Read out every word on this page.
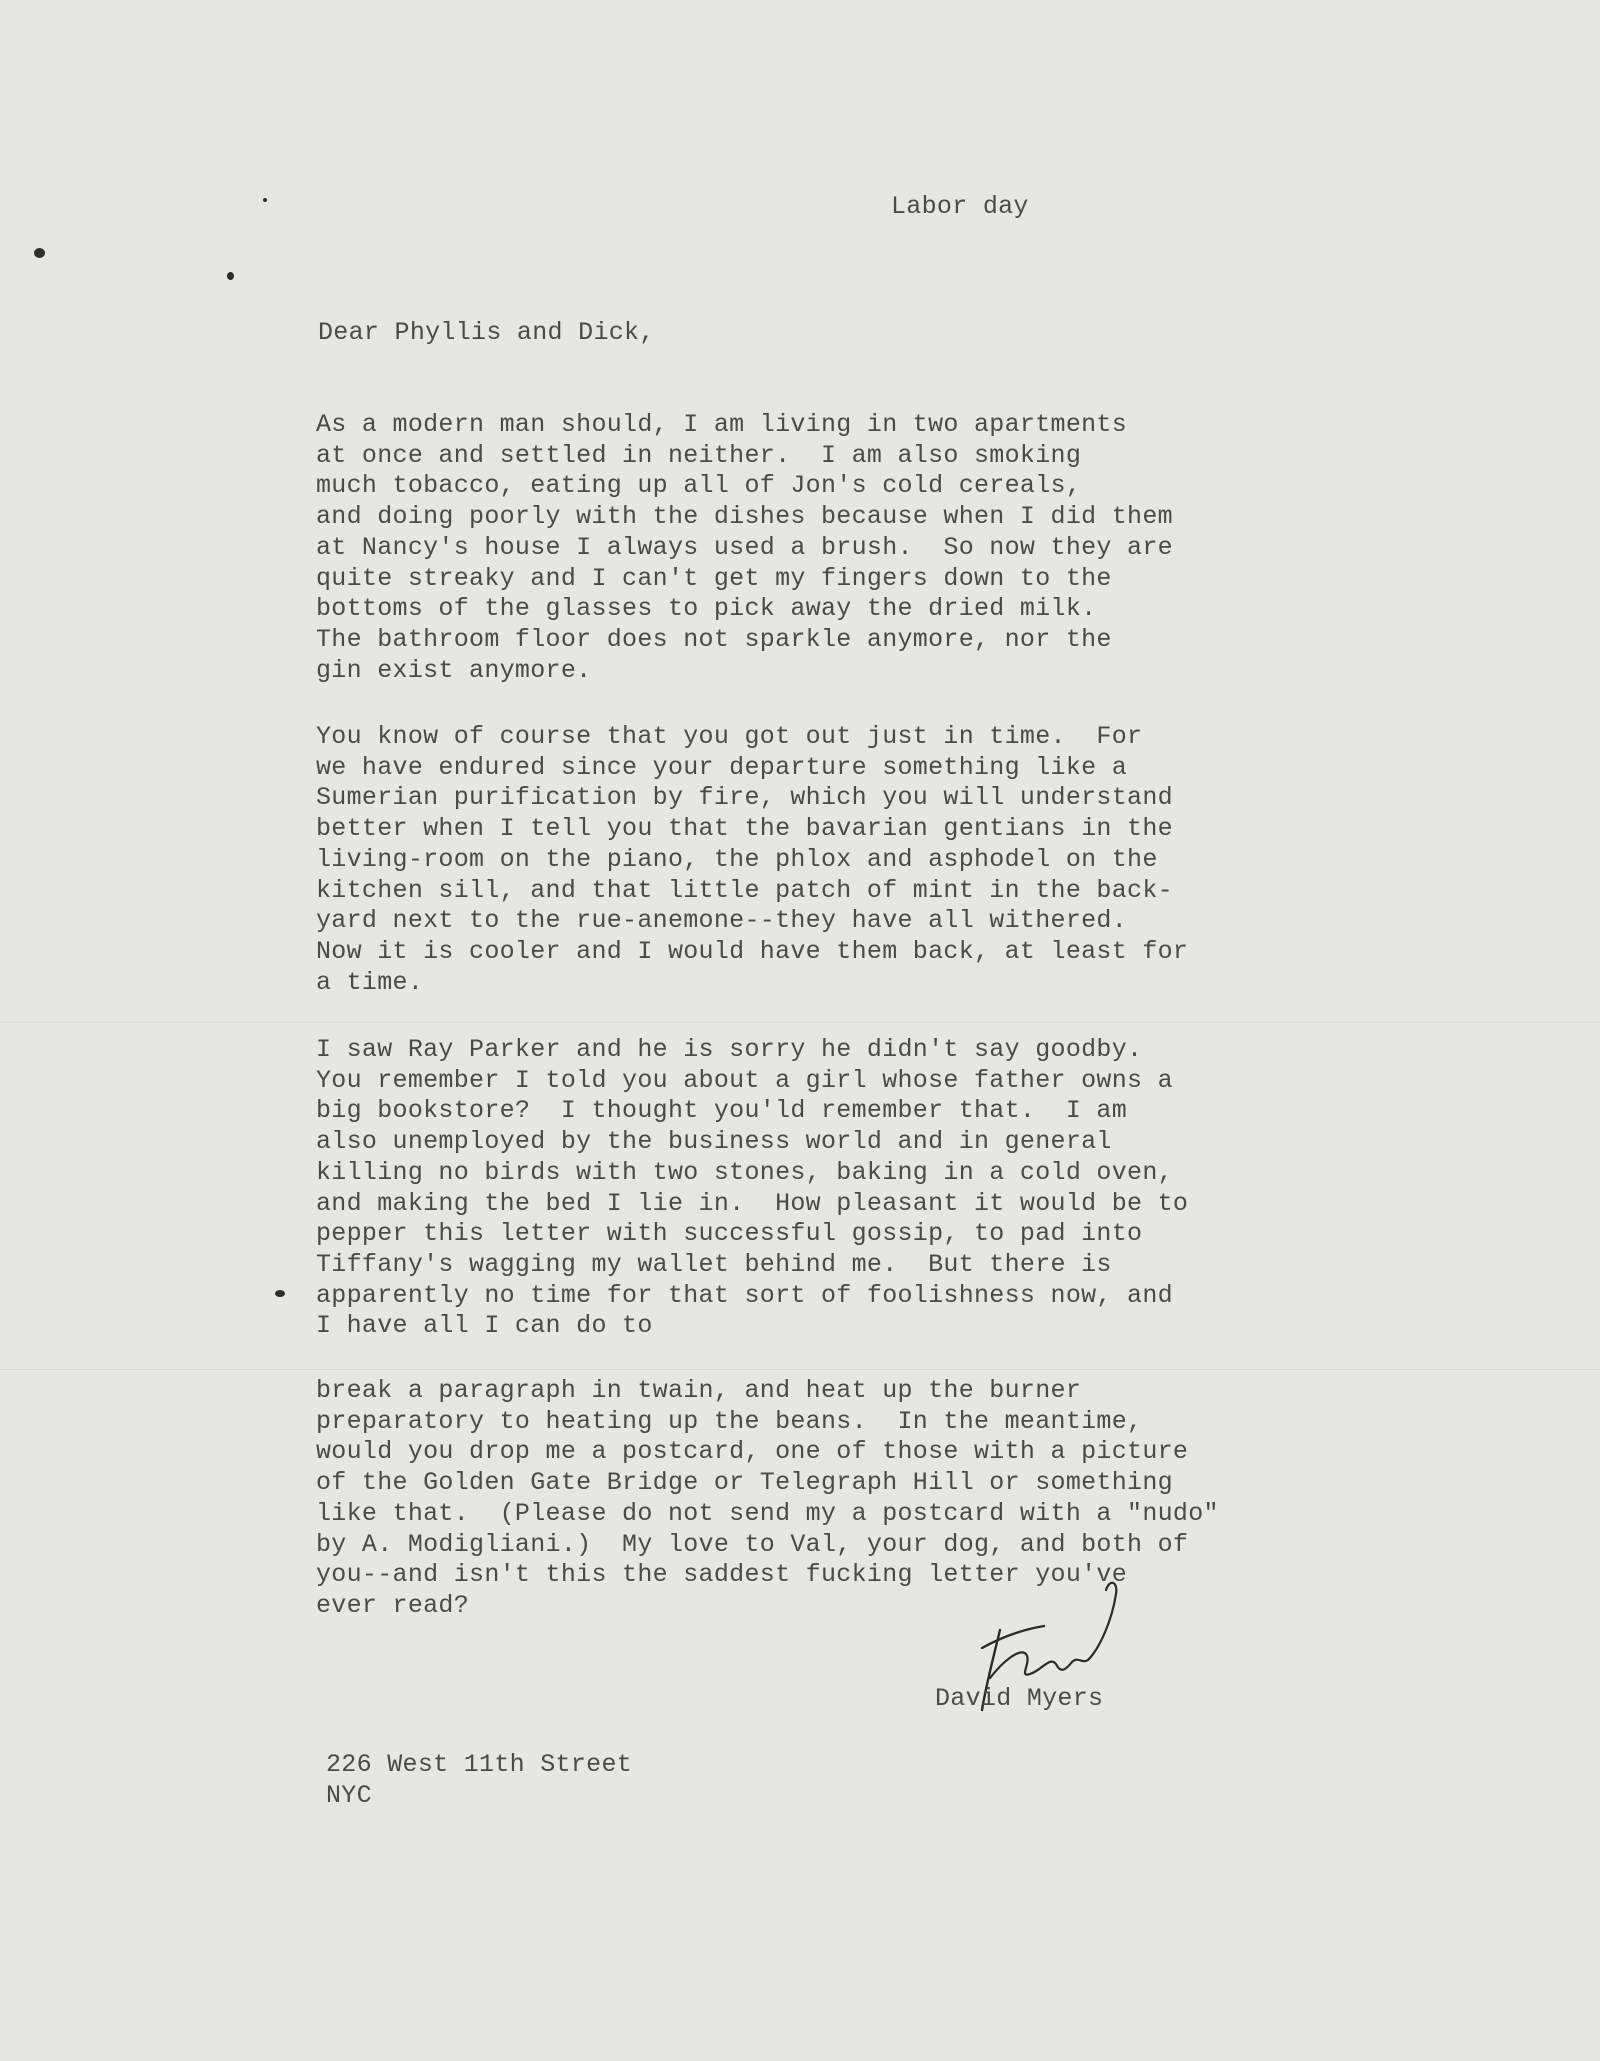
Labor day

Dear Phyllis and Dick,

As a modern man should, I am living in two apartments
at once and settled in neither.  I am also smoking
much tobacco, eating up all of Jon's cold cereals,
and doing poorly with the dishes because when I did them
at Nancy's house I always used a brush.  So now they are
quite streaky and I can't get my fingers down to the
bottoms of the glasses to pick away the dried milk.
The bathroom floor does not sparkle anymore, nor the
gin exist anymore.

You know of course that you got out just in time.  For
we have endured since your departure something like a
Sumerian purification by fire, which you will understand
better when I tell you that the bavarian gentians in the
living-room on the piano, the phlox and asphodel on the
kitchen sill, and that little patch of mint in the back-
yard next to the rue-anemone--they have all withered.
Now it is cooler and I would have them back, at least for
a time.

I saw Ray Parker and he is sorry he didn't say goodby.
You remember I told you about a girl whose father owns a
big bookstore?  I thought you'ld remember that.  I am
also unemployed by the business world and in general
killing no birds with two stones, baking in a cold oven,
and making the bed I lie in.  How pleasant it would be to
pepper this letter with successful gossip, to pad into
Tiffany's wagging my wallet behind me.  But there is
apparently no time for that sort of foolishness now, and
I have all I can do to

break a paragraph in twain, and heat up the burner
preparatory to heating up the beans.  In the meantime,
would you drop me a postcard, one of those with a picture
of the Golden Gate Bridge or Telegraph Hill or something
like that.  (Please do not send my a postcard with a "nudo"
by A. Modigliani.)  My love to Val, your dog, and both of
you--and isn't this the saddest fucking letter you've
ever read?

David Myers

226 West 11th Street
NYC
